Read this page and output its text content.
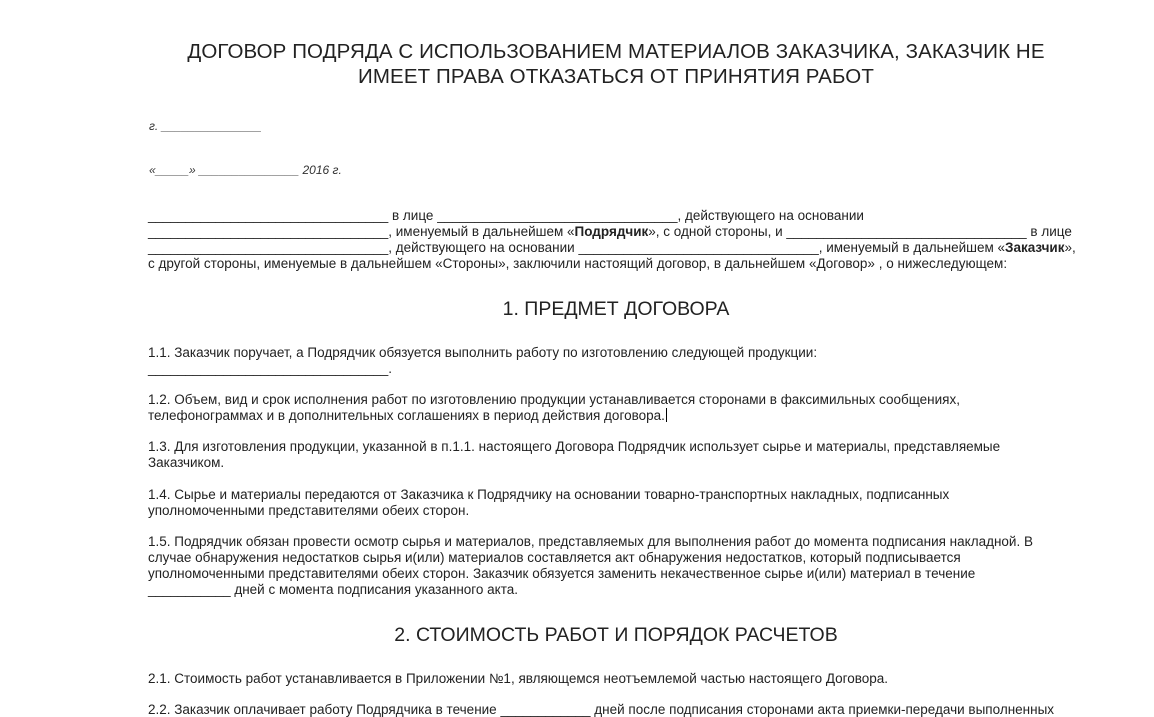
ДОГОВОР ПОДРЯДА С ИСПОЛЬЗОВАНИЕМ МАТЕРИАЛОВ ЗАКАЗЧИКА, ЗАКАЗЧИК НЕ
ИМЕЕТ ПРАВА ОТКАЗАТЬСЯ ОТ ПРИНЯТИЯ РАБОТ
г. _______________
«_____» _______________ 2016 г.
________________________________ в лице ________________________________, действующего на основании
________________________________, именуемый в дальнейшем «Подрядчик», с одной стороны, и ________________________________ в лице
________________________________, действующего на основании ________________________________, именуемый в дальнейшем «Заказчик»,
с другой стороны, именуемые в дальнейшем «Стороны», заключили настоящий договор, в дальнейшем «Договор» , о нижеследующем:
1. ПРЕДМЕТ ДОГОВОРА
1.1. Заказчик поручает, а Подрядчик обязуется выполнить работу по изготовлению следующей продукции:
________________________________.
1.2. Объем, вид и срок исполнения работ по изготовлению продукции устанавливается сторонами в факсимильных сообщениях,
телефонограммах и в дополнительных соглашениях в период действия договора.
1.3. Для изготовления продукции, указанной в п.1.1. настоящего Договора Подрядчик использует сырье и материалы, представляемые
Заказчиком.
1.4. Сырье и материалы передаются от Заказчика к Подрядчику на основании товарно-транспортных накладных, подписанных
уполномоченными представителями обеих сторон.
1.5. Подрядчик обязан провести осмотр сырья и материалов, представляемых для выполнения работ до момента подписания накладной. В
случае обнаружения недостатков сырья и(или) материалов составляется акт обнаружения недостатков, который подписывается
уполномоченными представителями обеих сторон. Заказчик обязуется заменить некачественное сырье и(или) материал в течение
___________ дней с момента подписания указанного акта.
2. СТОИМОСТЬ РАБОТ И ПОРЯДОК РАСЧЕТОВ
2.1. Стоимость работ устанавливается в Приложении №1, являющемся неотъемлемой частью настоящего Договора.
2.2. Заказчик оплачивает работу Подрядчика в течение ____________ дней после подписания сторонами акта приемки-передачи выполненных
